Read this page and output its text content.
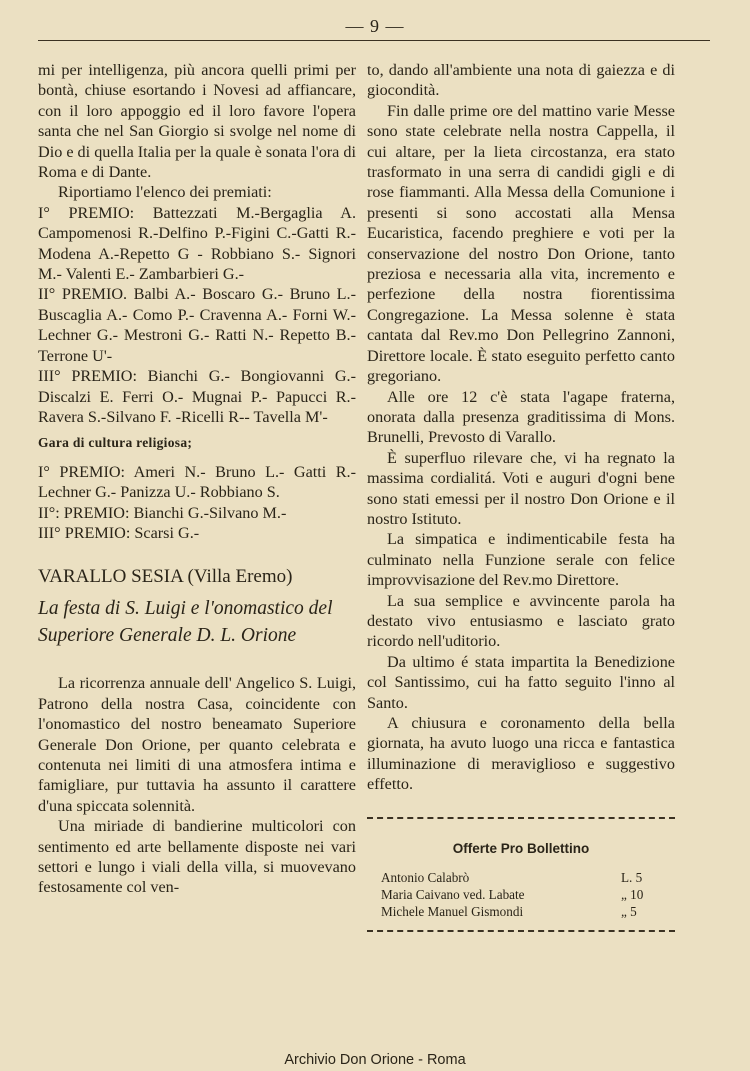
— 9 —

mi per intelligenza, più ancora quelli primi per bontà, chiuse esortando i Novesi ad affiancare, con il loro appoggio ed il loro favore l'opera santa che nel San Giorgio si svolge nel nome di Dio e di quella Italia per la quale è sonata l'ora di Roma e di Dante.

Riportiamo l'elenco dei premiati:

I° PREMIO: Battezzati M.-Bergaglia A. Campomenosi R.-Delfino P.-Figini C.-Gatti R.-Modena A.-Repetto G - Robbiano S.- Signori M.- Valenti E.- Zambarbieri G.-

II° PREMIO. Balbi A.- Boscaro G.- Bruno L.- Buscaglia A.- Como P.- Cravenna A.- Forni W.- Lechner G.- Mestroni G.- Ratti N.- Repetto B.- Terrone U'-

III° PREMIO: Bianchi G.- Bongiovanni G.- Discalzi E. Ferri O.- Mugnai P.- Papucci R.-Ravera S.-Silvano F. -Ricelli R-- Tavella M'-

Gara di cultura religiosa;

I° PREMIO: Ameri N.- Bruno L.- Gatti R.-Lechner G.- Panizza U.- Robbiano S.

II°: PREMIO: Bianchi G.-Silvano M.-

III° PREMIO: Scarsi G.-

VARALLO SESIA (Villa Eremo)

La festa di S. Luigi e l'onomastico del Superiore Generale D. L. Orione

La ricorrenza annuale dell' Angelico S. Luigi, Patrono della nostra Casa, coincidente con l'onomastico del nostro beneamato Superiore Generale Don Orione, per quanto celebrata e contenuta nei limiti di una atmosfera intima e famigliare, pur tuttavia ha assunto il carattere d'una spiccata solennità.

Una miriade di bandierine multicolori con sentimento ed arte bellamente disposte nei vari settori e lungo i viali della villa, si muovevano festosamente col ven-

to, dando all'ambiente una nota di gaiezza e di giocondità.

Fin dalle prime ore del mattino varie Messe sono state celebrate nella nostra Cappella, il cui altare, per la lieta circostanza, era stato trasformato in una serra di candidi gigli e di rose fiammanti. Alla Messa della Comunione i presenti si sono accostati alla Mensa Eucaristica, facendo preghiere e voti per la conservazione del nostro Don Orione, tanto preziosa e necessaria alla vita, incremento e perfezione della nostra fiorentissima Congregazione. La Messa solenne è stata cantata dal Rev.mo Don Pellegrino Zannoni, Direttore locale. È stato eseguito perfetto canto gregoriano.

Alle ore 12 c'è stata l'agape fraterna, onorata dalla presenza graditissima di Mons. Brunelli, Prevosto di Varallo.

È superfluo rilevare che, vi ha regnato la massima cordialitá. Voti e auguri d'ogni bene sono stati emessi per il nostro Don Orione e il nostro Istituto.

La simpatica e indimenticabile festa ha culminato nella Funzione serale con felice improvvisazione del Rev.mo Direttore.

La sua semplice e avvincente parola ha destato vivo entusiasmo e lasciato grato ricordo nell'uditorio.

Da ultimo é stata impartita la Benedizione col Santissimo, cui ha fatto seguito l'inno al Santo.

A chiusura e coronamento della bella giornata, ha avuto luogo una ricca e fantastica illuminazione di meraviglioso e suggestivo effetto.

Offerte Pro Bollettino

Antonio Calabrò	L. 5
Maria Caivano ved. Labate	„ 10
Michele Manuel Gismondi	„ 5
Archivio Don Orione - Roma
